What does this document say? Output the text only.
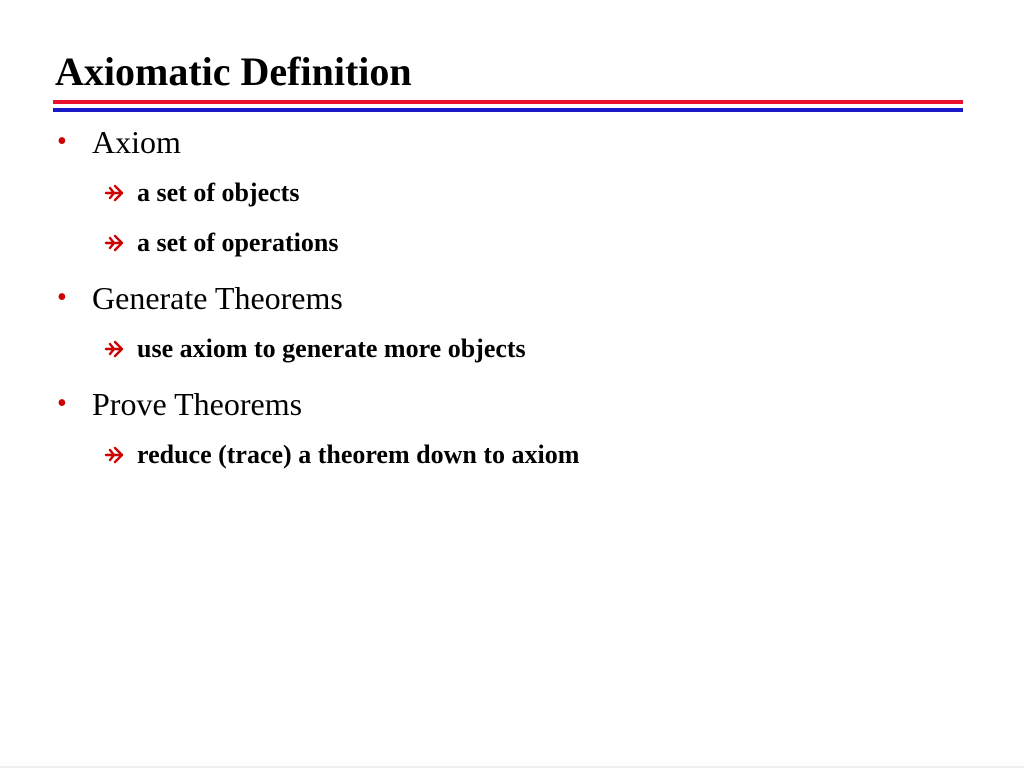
Axiomatic Definition
• Axiom
a set of objects
a set of operations
• Generate Theorems
use axiom to generate more objects
• Prove Theorems
reduce (trace) a theorem down to axiom
